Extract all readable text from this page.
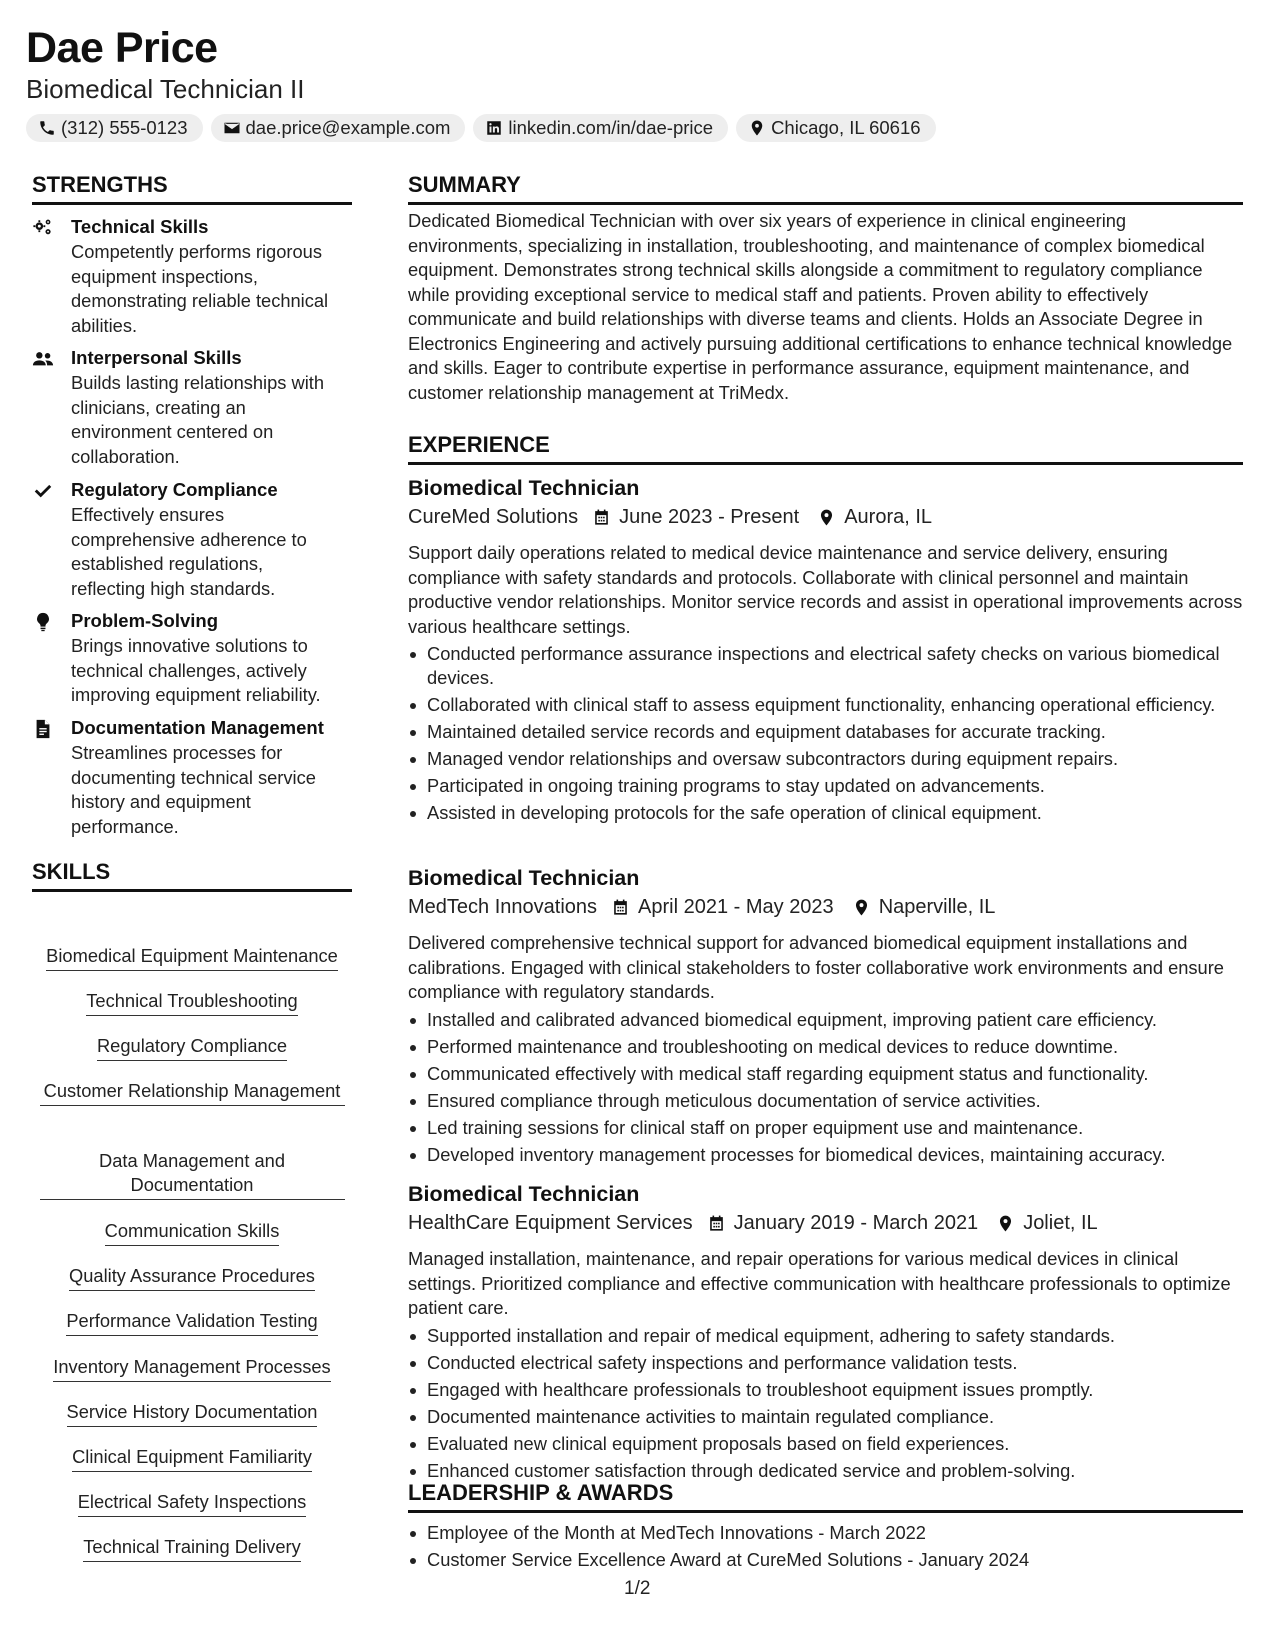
Dae Price
Biomedical Technician II
(312) 555-0123	dae.price@example.com	linkedin.com/in/dae-price	Chicago, IL 60616
STRENGTHS
Technical Skills
Competently performs rigorous equipment inspections, demonstrating reliable technical abilities.
Interpersonal Skills
Builds lasting relationships with clinicians, creating an environment centered on collaboration.
Regulatory Compliance
Effectively ensures comprehensive adherence to established regulations, reflecting high standards.
Problem-Solving
Brings innovative solutions to technical challenges, actively improving equipment reliability.
Documentation Management
Streamlines processes for documenting technical service history and equipment performance.
SKILLS
Biomedical Equipment Maintenance
Technical Troubleshooting
Regulatory Compliance
Customer Relationship Management
Data Management and Documentation
Communication Skills
Quality Assurance Procedures
Performance Validation Testing
Inventory Management Processes
Service History Documentation
Clinical Equipment Familiarity
Electrical Safety Inspections
Technical Training Delivery
SUMMARY

Dedicated Biomedical Technician with over six years of experience in clinical engineering environments, specializing in installation, troubleshooting, and maintenance of complex biomedical equipment. Demonstrates strong technical skills alongside a commitment to regulatory compliance while providing exceptional service to medical staff and patients. Proven ability to effectively communicate and build relationships with diverse teams and clients. Holds an Associate Degree in Electronics Engineering and actively pursuing additional certifications to enhance technical knowledge and skills. Eager to contribute expertise in performance assurance, equipment maintenance, and customer relationship management at TriMedx.

EXPERIENCE
Biomedical Technician
CureMed Solutions June 2023 - Present Aurora, IL

Support daily operations related to medical device maintenance and service delivery, ensuring compliance with safety standards and protocols. Collaborate with clinical personnel and maintain productive vendor relationships. Monitor service records and assist in operational improvements across various healthcare settings.

Conducted performance assurance inspections and electrical safety checks on various biomedical devices.
Collaborated with clinical staff to assess equipment functionality, enhancing operational efficiency.
Maintained detailed service records and equipment databases for accurate tracking.
Managed vendor relationships and oversaw subcontractors during equipment repairs.
Participated in ongoing training programs to stay updated on advancements.
Assisted in developing protocols for the safe operation of clinical equipment.
Biomedical Technician
MedTech Innovations April 2021 - May 2023 Naperville, IL

Delivered comprehensive technical support for advanced biomedical equipment installations and calibrations. Engaged with clinical stakeholders to foster collaborative work environments and ensure compliance with regulatory standards.

Installed and calibrated advanced biomedical equipment, improving patient care efficiency.
Performed maintenance and troubleshooting on medical devices to reduce downtime.
Communicated effectively with medical staff regarding equipment status and functionality.
Ensured compliance through meticulous documentation of service activities.
Led training sessions for clinical staff on proper equipment use and maintenance.
Developed inventory management processes for biomedical devices, maintaining accuracy.
Biomedical Technician
HealthCare Equipment Services January 2019 - March 2021 Joliet, IL

Managed installation, maintenance, and repair operations for various medical devices in clinical settings. Prioritized compliance and effective communication with healthcare professionals to optimize patient care.

Supported installation and repair of medical equipment, adhering to safety standards.
Conducted electrical safety inspections and performance validation tests.
Engaged with healthcare professionals to troubleshoot equipment issues promptly.
Documented maintenance activities to maintain regulated compliance.
Evaluated new clinical equipment proposals based on field experiences.
Enhanced customer satisfaction through dedicated service and problem-solving.
LEADERSHIP & AWARDS
Employee of the Month at MedTech Innovations - March 2022
Customer Service Excellence Award at CureMed Solutions - January 2024
1/2
